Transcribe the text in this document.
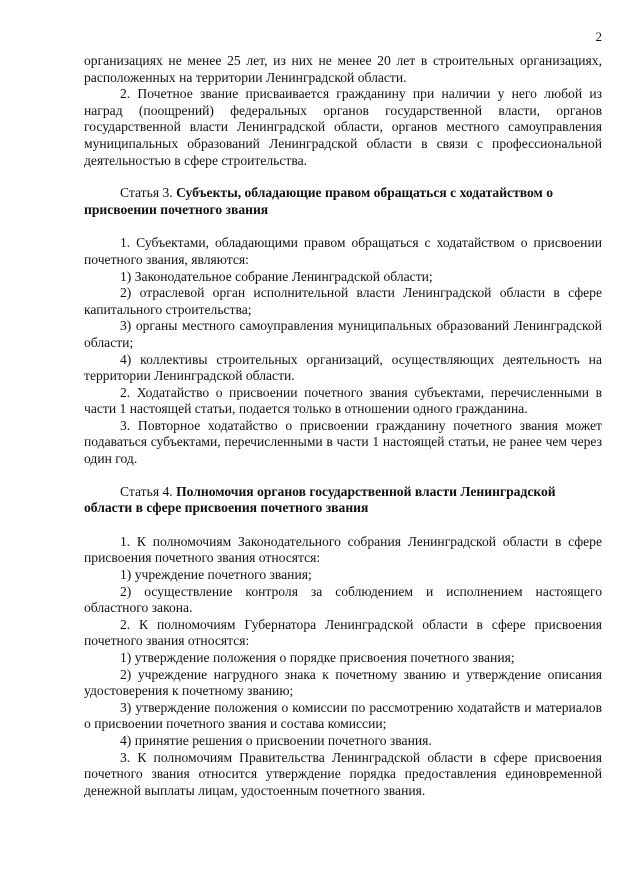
2

организациях не менее 25 лет, из них не менее 20 лет в строительных организациях, расположенных на территории Ленинградской области.

2. Почетное звание присваивается гражданину при наличии у него любой из наград (поощрений) федеральных органов государственной власти, органов государственной власти Ленинградской области, органов местного самоуправления муниципальных образований Ленинградской области в связи с профессиональной деятельностью в сфере строительства.

Статья 3. Субъекты, обладающие правом обращаться с ходатайством о присвоении почетного звания

1. Субъектами, обладающими правом обращаться с ходатайством о присвоении почетного звания, являются:

1) Законодательное собрание Ленинградской области;

2) отраслевой орган исполнительной власти Ленинградской области в сфере капитального строительства;

3) органы местного самоуправления муниципальных образований Ленинградской области;

4) коллективы строительных организаций, осуществляющих деятельность на территории Ленинградской области.

2. Ходатайство о присвоении почетного звания субъектами, перечисленными в части 1 настоящей статьи, подается только в отношении одного гражданина.

3. Повторное ходатайство о присвоении гражданину почетного звания может подаваться субъектами, перечисленными в части 1 настоящей статьи, не ранее чем через один год.

Статья 4. Полномочия органов государственной власти Ленинградской области в сфере присвоения почетного звания

1. К полномочиям Законодательного собрания Ленинградской области в сфере присвоения почетного звания относятся:

1) учреждение почетного звания;

2) осуществление контроля за соблюдением и исполнением настоящего областного закона.

2. К полномочиям Губернатора Ленинградской области в сфере присвоения почетного звания относятся:

1) утверждение положения о порядке присвоения почетного звания;

2) учреждение нагрудного знака к почетному званию и утверждение описания удостоверения к почетному званию;

3) утверждение положения о комиссии по рассмотрению ходатайств и материалов о присвоении почетного звания и состава комиссии;

4) принятие решения о присвоении почетного звания.

3. К полномочиям Правительства Ленинградской области в сфере присвоения почетного звания относится утверждение порядка предоставления единовременной денежной выплаты лицам, удостоенным почетного звания.
